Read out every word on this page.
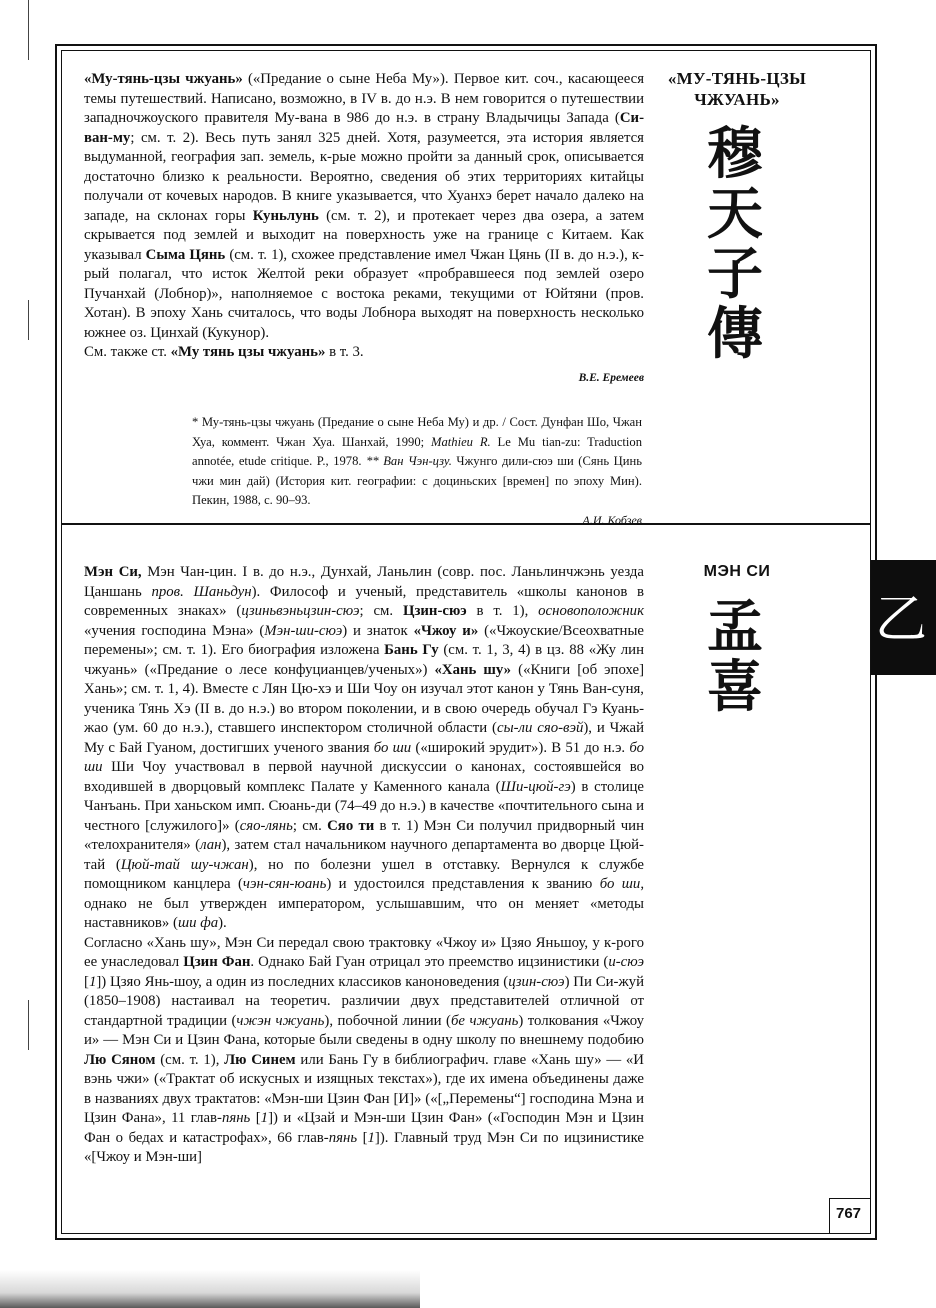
«Му-тянь-цзы чжуань» («Предание о сыне Неба Му»). Первое кит. соч., касающееся темы путешествий. Написано, возможно, в IV в. до н.э. В нем говорится о путешествии западночжоуского правителя Му-вана в 986 до н.э. в страну Владычицы Запада (Си-ван-му; см. т. 2). Весь путь занял 325 дней. Хотя, разумеется, эта история является выдуманной, география зап. земель, к-рые можно пройти за данный срок, описывается достаточно близко к реальности. Вероятно, сведения об этих территориях китайцы получали от кочевых народов. В книге указывается, что Хуанхэ берет начало далеко на западе, на склонах горы Куньлунь (см. т. 2), и протекает через два озера, а затем скрывается под землей и выходит на поверхность уже на границе с Китаем. Как указывал Сыма Цянь (см. т. 1), схожее представление имел Чжан Цянь (II в. до н.э.), к-рый полагал, что исток Желтой реки образует «пробравшееся под землей озеро Пучанхай (Лобнор)», наполняемое с востока реками, текущими от Юйтяни (пров. Хотан). В эпоху Хань считалось, что воды Лобнора выходят на поверхность несколько южнее оз. Цинхай (Кукунор).

См. также ст. «Му тянь цзы чжуань» в т. 3.

В.Е. Еремеев

* Му-тянь-цзы чжуань (Предание о сыне Неба Му) и др. / Сост. Дунфан Шо, Чжан Хуа, коммент. Чжан Хуа. Шанхай, 1990; Mathieu R. Le Mu tian-zu: Traduction annotée, etude critique. P., 1978. ** Ван Чэн-цзу. Чжунго дили-сюэ ши (Сянь Цинь чжи мин дай) (История кит. географии: с доциньских [времен] по эпоху Мин). Пекин, 1988, с. 90–93.

А.И. Кобзев

«МУ-ТЯНЬ-ЦЗЫ ЧЖУАНЬ»
穆
天
子
傳

Мэн Си, Мэн Чан-цин. I в. до н.э., Дунхай, Ланьлин (совр. пос. Ланьлинчжэнь уезда Цаншань пров. Шаньдун). Философ и ученый, представитель «школы канонов в современных знаках» (цзиньвэньцзин-сюэ; см. Цзин-сюэ в т. 1), основоположник «учения господина Мэна» (Мэн-ши-сюэ) и знаток «Чжоу и» («Чжоуские/Всеохватные перемены»; см. т. 1). Его биография изложена Бань Гу (см. т. 1, 3, 4) в цз. 88 «Жу лин чжуань» («Предание о лесе конфуцианцев/ученых») «Хань шу» («Книги [об эпохе] Хань»; см. т. 1, 4). Вместе с Лян Цю-хэ и Ши Чоу он изучал этот канон у Тянь Ван-суня, ученика Тянь Хэ (II в. до н.э.) во втором поколении, и в свою очередь обучал Гэ Куань-жао (ум. 60 до н.э.), ставшего инспектором столичной области (сы-ли сяо-вэй), и Чжай Му с Бай Гуаном, достигших ученого звания бо ши («широкий эрудит»). В 51 до н.э. бо ши Ши Чоу участвовал в первой научной дискуссии о канонах, состоявшейся во входившей в дворцовый комплекс Палате у Каменного канала (Ши-цюй-гэ) в столице Чанъань. При ханьском имп. Сюань-ди (74–49 до н.э.) в качестве «почтительного сына и честного [служилого]» (сяо-лянь; см. Сяо ти в т. 1) Мэн Си получил придворный чин «телохранителя» (лан), затем стал начальником научного департамента во дворце Цюй-тай (Цюй-тай шу-чжан), но по болезни ушел в отставку. Вернулся к службе помощником канцлера (чэн-сян-юань) и удостоился представления к званию бо ши, однако не был утвержден императором, услышавшим, что он меняет «методы наставников» (ши фа).

Согласно «Хань шу», Мэн Си передал свою трактовку «Чжоу и» Цзяо Яньшоу, у к-рого ее унаследовал Цзин Фан. Однако Бай Гуан отрицал это преемство ицзинистики (и-сюэ [1]) Цзяо Янь-шоу, а один из последних классиков каноноведения (цзин-сюэ) Пи Си-жуй (1850–1908) настаивал на теоретич. различии двух представителей отличной от стандартной традиции (чжэн чжуань), побочной линии (бе чжуань) толкования «Чжоу и» — Мэн Си и Цзин Фана, которые были сведены в одну школу по внешнему подобию Лю Сяном (см. т. 1), Лю Синем или Бань Гу в библиографич. главе «Хань шу» — «И вэнь чжи» («Трактат об искусных и изящных текстах»), где их имена объединены даже в названиях двух трактатов: «Мэн-ши Цзин Фан [И]» («[„Перемены“] господина Мэна и Цзин Фана», 11 глав-пянь [1]) и «Цзай и Мэн-ши Цзин Фан» («Господин Мэн и Цзин Фан о бедах и катастрофах», 66 глав-пянь [1]). Главный труд Мэн Си по ицзинистике «[Чжоу и Мэн-ши]

МЭН СИ
孟
喜
乙
767
